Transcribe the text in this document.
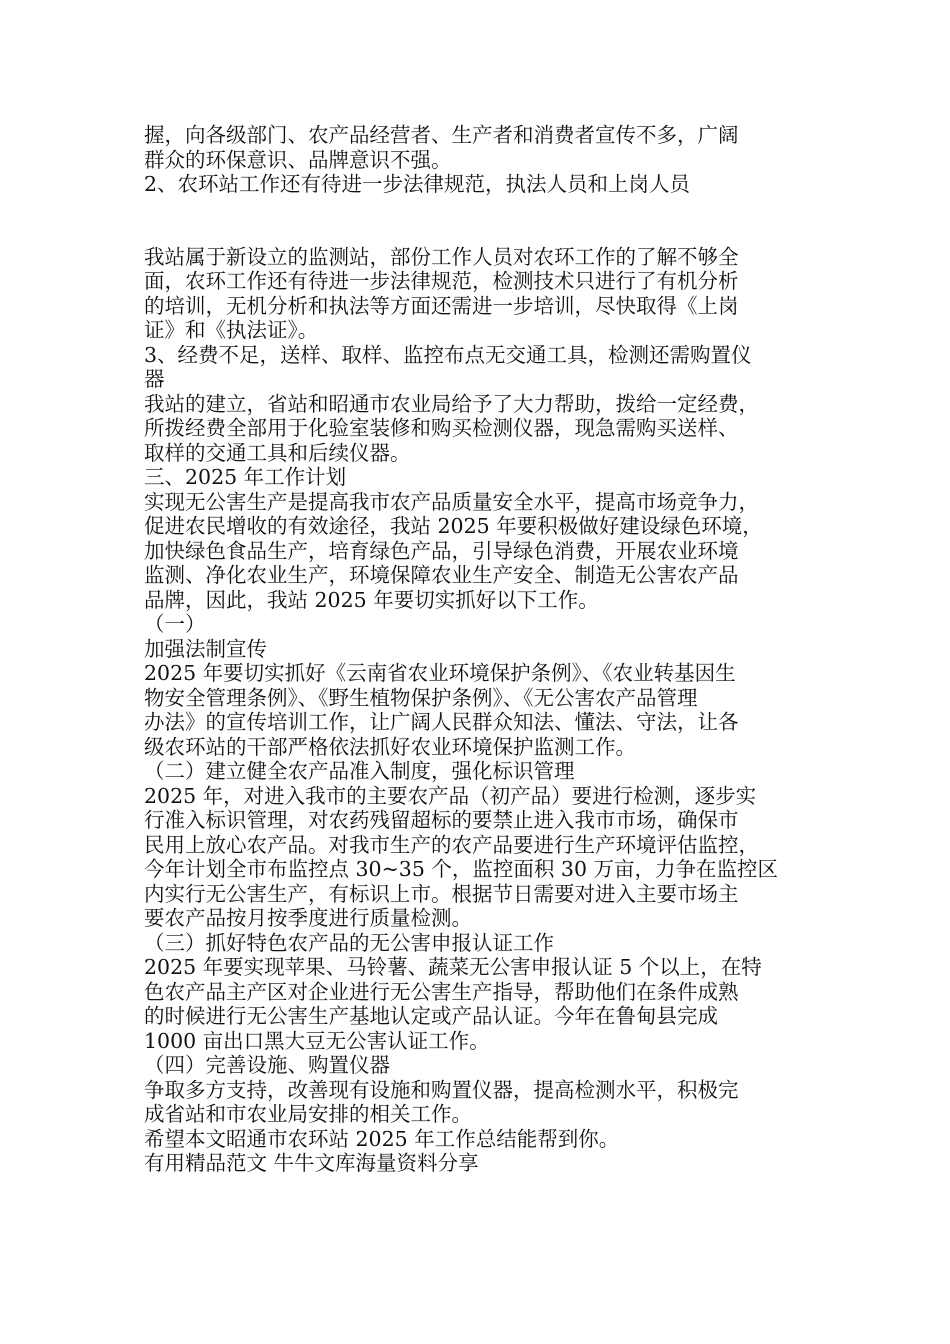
握，向各级部门、农产品经营者、生产者和消费者宣传不多，广阔
群众的环保意识、品牌意识不强。
2、农环站工作还有待进一步法律规范，执法人员和上岗人员
我站属于新设立的监测站，部份工作人员对农环工作的了解不够全
面，农环工作还有待进一步法律规范，检测技术只进行了有机分析
的培训，无机分析和执法等方面还需进一步培训，尽快取得《上岗
证》和《执法证》。
3、经费不足，送样、取样、监控布点无交通工具，检测还需购置仪
器
我站的建立，省站和昭通市农业局给予了大力帮助，拨给一定经费，
所拨经费全部用于化验室装修和购买检测仪器，现急需购买送样、
取样的交通工具和后续仪器。
三、2025 年工作计划
实现无公害生产是提高我市农产品质量安全水平，提高市场竞争力，
促进农民增收的有效途径，我站 2025 年要积极做好建设绿色环境，
加快绿色食品生产，培育绿色产品，引导绿色消费，开展农业环境
监测、净化农业生产，环境保障农业生产安全、制造无公害农产品
品牌，因此，我站 2025 年要切实抓好以下工作。
（一）
加强法制宣传
2025 年要切实抓好《云南省农业环境保护条例》、《农业转基因生
物安全管理条例》、《野生植物保护条例》、《无公害农产品管理
办法》的宣传培训工作，让广阔人民群众知法、懂法、守法，让各
级农环站的干部严格依法抓好农业环境保护监测工作。
（二）建立健全农产品准入制度，强化标识管理
2025 年，对进入我市的主要农产品（初产品）要进行检测，逐步实
行准入标识管理，对农药残留超标的要禁止进入我市市场，确保市
民用上放心农产品。对我市生产的农产品要进行生产环境评估监控，
今年计划全市布监控点 30~35 个，监控面积 30 万亩，力争在监控区
内实行无公害生产，有标识上市。根据节日需要对进入主要市场主
要农产品按月按季度进行质量检测。
（三）抓好特色农产品的无公害申报认证工作
2025 年要实现苹果、马铃薯、蔬菜无公害申报认证 5 个以上，在特
色农产品主产区对企业进行无公害生产指导，帮助他们在条件成熟
的时候进行无公害生产基地认定或产品认证。今年在鲁甸县完成
1000 亩出口黑大豆无公害认证工作。
（四）完善设施、购置仪器
争取多方支持，改善现有设施和购置仪器，提高检测水平，积极完
成省站和市农业局安排的相关工作。
希望本文昭通市农环站 2025 年工作总结能帮到你。
有用精品范文 牛牛文库海量资料分享
